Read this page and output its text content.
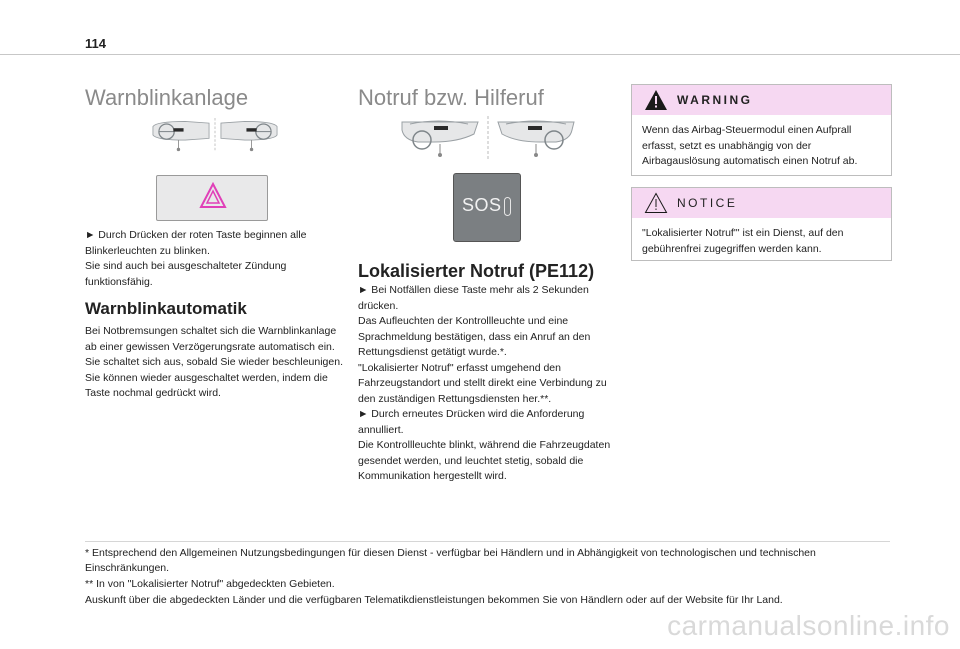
114
Warnblinkanlage
► Durch Drücken der roten Taste beginnen alle Blinkerleuchten zu blinken.
Sie sind auch bei ausgeschalteter Zündung funktionsfähig.
Warnblinkautomatik
Bei Notbremsungen schaltet sich die Warnblinkanlage ab einer gewissen Verzögerungsrate automatisch ein. Sie schaltet sich aus, sobald Sie wieder beschleunigen.
Sie können wieder ausgeschaltet werden, indem die Taste nochmal gedrückt wird.
Notruf bzw. Hilferuf
SOS
Lokalisierter Notruf (PE112)
► Bei Notfällen diese Taste mehr als 2 Sekunden drücken.
Das Aufleuchten der Kontrollleuchte und eine Sprachmeldung bestätigen, dass ein Anruf an den Rettungsdienst getätigt wurde.*.
"Lokalisierter Notruf" erfasst umgehend den Fahrzeugstandort und stellt direkt eine Verbindung zu den zuständigen Rettungsdiensten her.**.
► Durch erneutes Drücken wird die Anforderung annulliert.
Die Kontrollleuchte blinkt, während die Fahrzeugdaten gesendet werden, und leuchtet stetig, sobald die Kommunikation hergestellt wird.
WARNING
Wenn das Airbag-Steuermodul einen Aufprall erfasst, setzt es unabhängig von der Airbagauslösung automatisch einen Notruf ab.
NOTICE
"Lokalisierter Notruf"' ist ein Dienst, auf den gebührenfrei zugegriffen werden kann.
* Entsprechend den Allgemeinen Nutzungsbedingungen für diesen Dienst - verfügbar bei Händlern und in Abhängigkeit von technologischen und technischen Einschränkungen.
** In von "Lokalisierter Notruf" abgedeckten Gebieten.
Auskunft über die abgedeckten Länder und die verfügbaren Telematikdienstleistungen bekommen Sie von Händlern oder auf der Website für Ihr Land.
carmanualsonline.info
